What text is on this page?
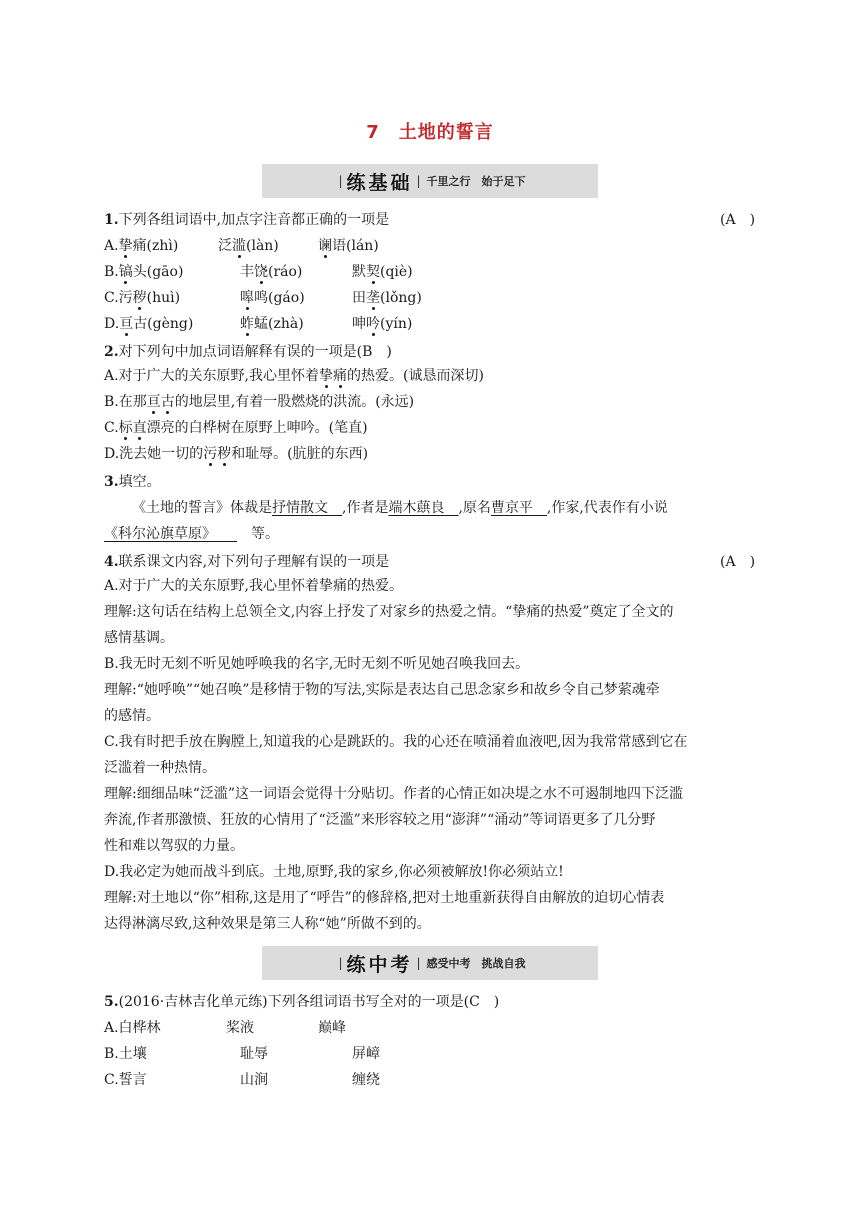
7　土地的誓言
| 练基础 | 千里之行　始于足下
1.下列各组词语中,加点字注音都正确的一项是	(A　)
A.挚痛(zhì)	泛滥(làn)	谰语(lán)
B.镐头(gāo)	丰饶(ráo)	默契(qiè)
C.污秽(huì)	嗥鸣(gáo)	田垄(lǒng)
D.亘古(gèng)	蚱蜢(zhà)	呻吟(yín)
2.对下列句中加点词语解释有误的一项是(B　)
A.对于广大的关东原野,我心里怀着挚痛的热爱。(诚恳而深切)
B.在那亘古的地层里,有着一股燃烧的洪流。(永远)
C.标直漂亮的白桦树在原野上呻吟。(笔直)
D.洗去她一切的污秽和耻辱。(肮脏的东西)
3.填空。
《土地的誓言》体裁是抒情散文　 ,作者是端木蕻良　 ,原名曹京平　 ,作家,代表作有小说
《科尔沁旗草原》　　　	等。
4.联系课文内容,对下列句子理解有误的一项是	(A　)
A.对于广大的关东原野,我心里怀着挚痛的热爱。
理解:这句话在结构上总领全文,内容上抒发了对家乡的热爱之情。“挚痛的热爱”奠定了全文的
感情基调。
B.我无时无刻不听见她呼唤我的名字,无时无刻不听见她召唤我回去。
理解:“她呼唤”“她召唤”是移情于物的写法,实际是表达自己思念家乡和故乡令自己梦萦魂牵
的感情。
C.我有时把手放在胸膛上,知道我的心是跳跃的。我的心还在喷涌着血液吧,因为我常常感到它在
泛滥着一种热情。
理解:细细品味“泛滥”这一词语会觉得十分贴切。作者的心情正如决堤之水不可遏制地四下泛滥
奔流,作者那激愤、狂放的心情用了“泛滥”来形容较之用“澎湃”“涌动”等词语更多了几分野
性和难以驾驭的力量。
D.我必定为她而战斗到底。土地,原野,我的家乡,你必须被解放!你必须站立!
理解:对土地以“你”相称,这是用了“呼告”的修辞格,把对土地重新获得自由解放的迫切心情表
达得淋漓尽致,这种效果是第三人称“她”所做不到的。
| 练中考 | 感受中考　挑战自我
5.(2016·吉林吉化单元练)下列各组词语书写全对的一项是(C　)
A.白桦林	桨液	巅峰
B.土壤	耻辱	屏嶂
C.誓言	山涧	缠绕
